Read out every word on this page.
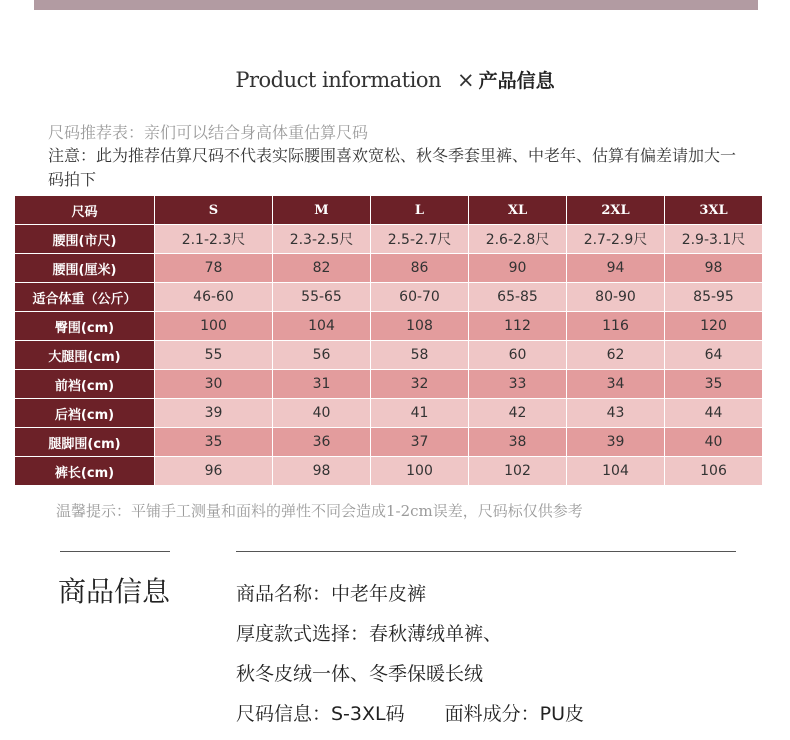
Product information × 产品信息
尺码推荐表：亲们可以结合身高体重估算尺码
注意：此为推荐估算尺码不代表实际腰围喜欢宽松、秋冬季套里裤、中老年、估算有偏差请加大一码拍下
尺码	S	M	L	XL	2XL	3XL
腰围(市尺)	2.1-2.3尺	2.3-2.5尺	2.5-2.7尺	2.6-2.8尺	2.7-2.9尺	2.9-3.1尺
腰围(厘米)	78	82	86	90	94	98
适合体重（公斤）	46-60	55-65	60-70	65-85	80-90	85-95
臀围(cm)	100	104	108	112	116	120
大腿围(cm)	55	56	58	60	62	64
前裆(cm)	30	31	32	33	34	35
后裆(cm)	39	40	41	42	43	44
腿脚围(cm)	35	36	37	38	39	40
裤长(cm)	96	98	100	102	104	106
温馨提示：平铺手工测量和面料的弹性不同会造成1-2cm误差，尺码标仅供参考
商品信息	商品名称：中老年皮裤
厚度款式选择：春秋薄绒单裤、
秋冬皮绒一体、冬季保暖长绒
尺码信息：S-3XL码 面料成分：PU皮
